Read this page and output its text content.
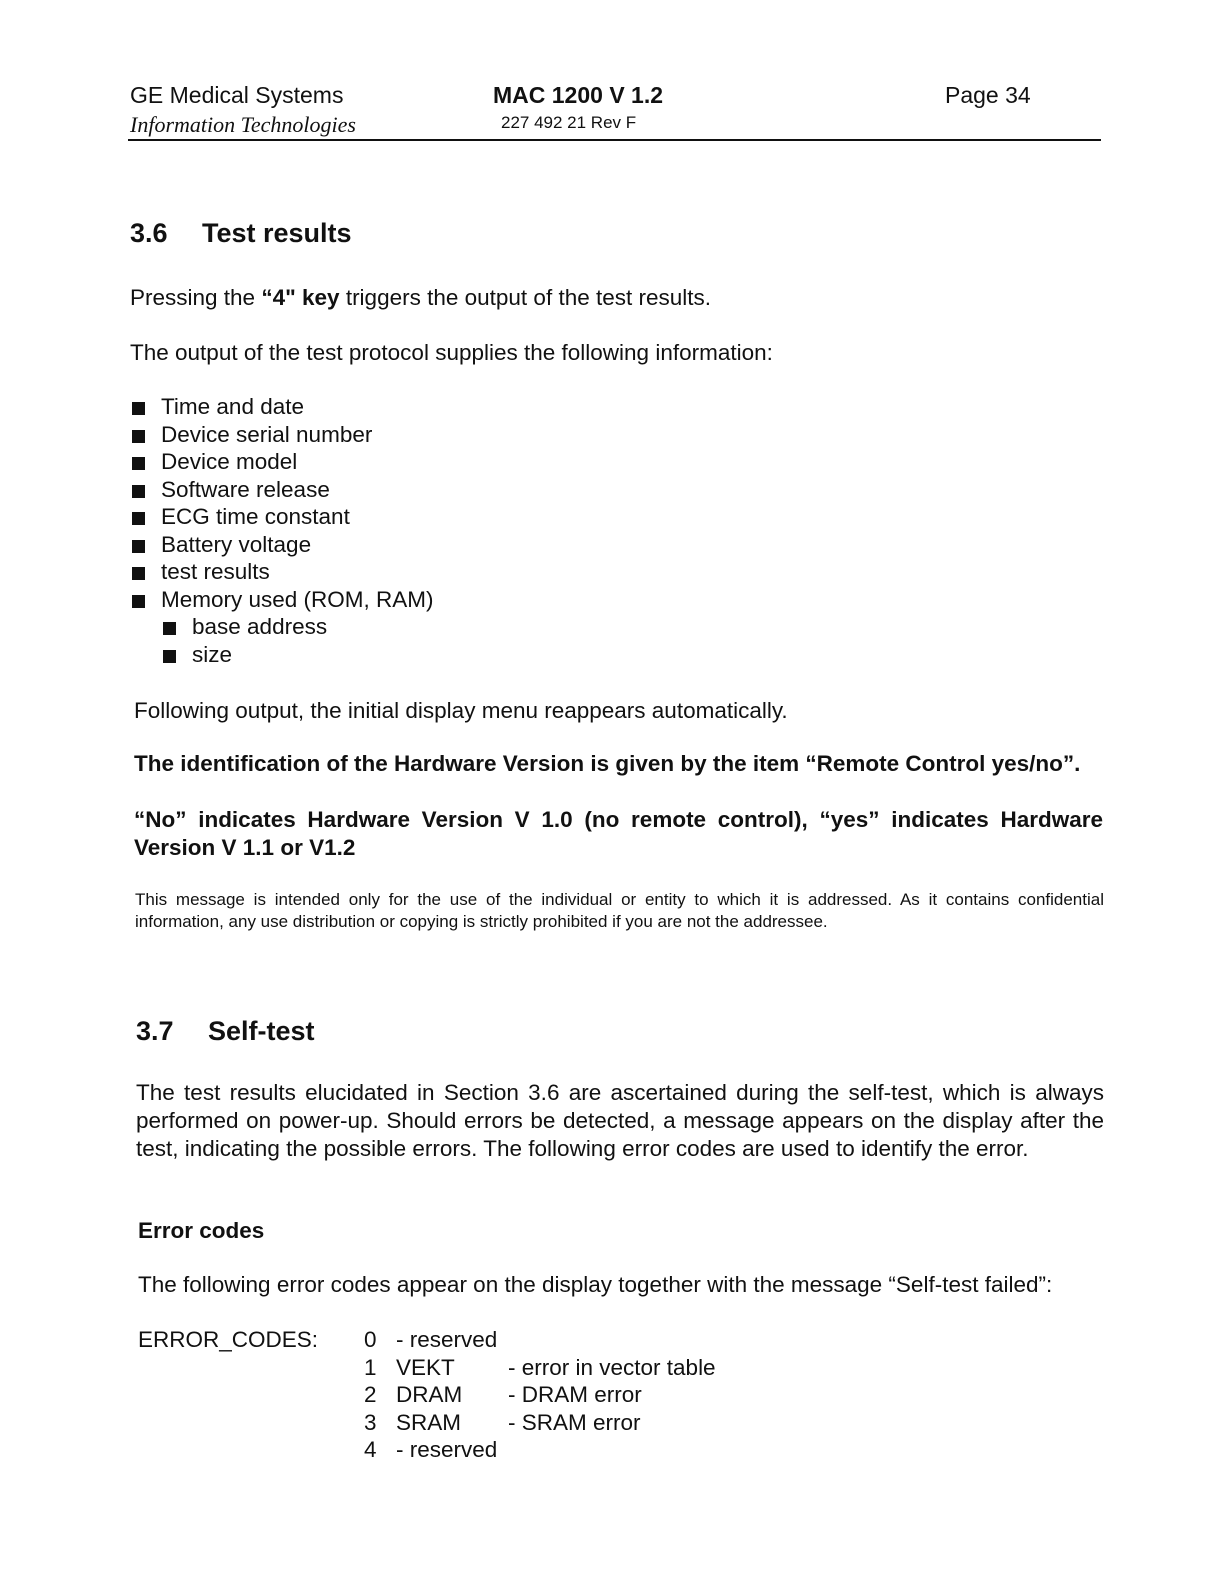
GE Medical Systems
Information Technologies
MAC 1200 V 1.2
227 492 21 Rev F
Page 34
3.6 Test results
Pressing the “4" key triggers the output of the test results.
The output of the test protocol supplies the following information:
Time and date
Device serial number
Device model
Software release
ECG time constant
Battery voltage
test results
Memory used (ROM, RAM)
base address
size
Following output, the initial display menu reappears automatically.
The identification of the Hardware Version is given by the item “Remote Control yes/no”.
“No” indicates Hardware Version V 1.0 (no remote control), “yes” indicates Hardware Version V 1.1 or V1.2
This message is intended only for the use of the individual or entity to which it is addressed. As it contains confidential information, any use distribution or copying is strictly prohibited if you are not the addressee.
3.7 Self-test
The test results elucidated in Section 3.6 are ascertained during the self-test, which is always performed on power-up. Should errors be detected, a message appears on the display after the test, indicating the possible errors. The following error codes are used to identify the error.
Error codes
The following error codes appear on the display together with the message “Self-test failed”:
ERROR_CODES: 0 - reserved
1 VEKT - error in vector table
2 DRAM - DRAM error
3 SRAM - SRAM error
4 - reserved
